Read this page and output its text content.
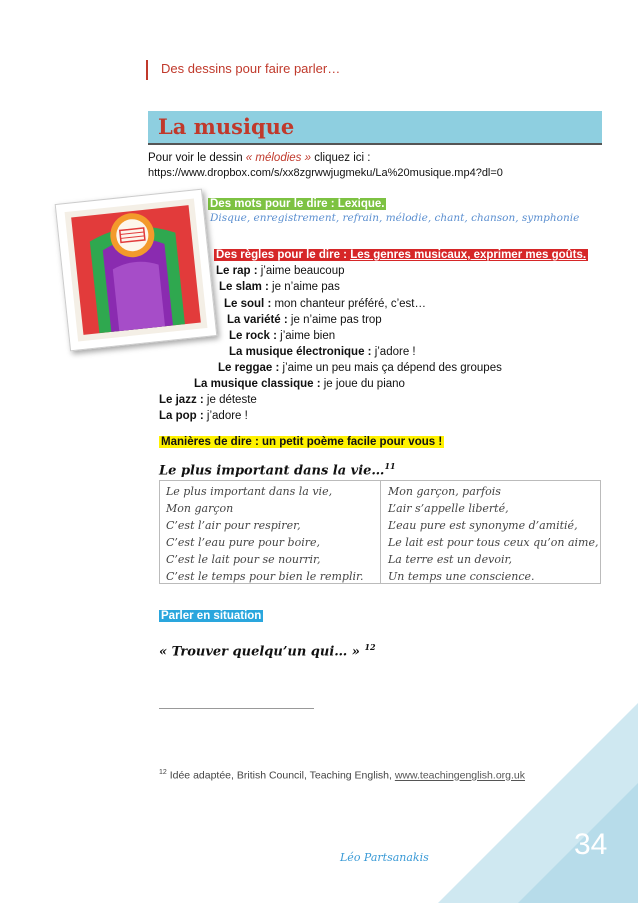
Des dessins pour faire parler…
La musique
Pour voir le dessin « mélodies » cliquez ici :
https://www.dropbox.com/s/xx8zgrwwjugmeku/La%20musique.mp4?dl=0
Des mots pour le dire : Lexique.
Disque, enregistrement, refrain, mélodie, chant, chanson, symphonie
Des règles pour le dire : Les genres musicaux, exprimer mes goûts.
Le rap : j’aime beaucoup
Le slam : je n’aime pas
Le soul : mon chanteur préféré, c’est…
La variété : je n’aime pas trop
Le rock : j’aime bien
La musique électronique : j’adore !
Le reggae : j’aime un peu mais ça dépend des groupes
La musique classique : je joue du piano
Le jazz : je déteste
La pop : j’adore !
Manières de dire : un petit poème facile pour vous !
Le plus important dans la vie…$^{11}$
Le plus important dans la vie,
Mon garçon
C’est l’air pour respirer,
C’est l’eau pure pour boire,
C’est le lait pour se nourrir,
C’est le temps pour bien le remplir.
Mon garçon, parfois
L’air s’appelle liberté,
L’eau pure est synonyme d’amitié,
Le lait est pour tous ceux qu’on aime,
La terre est un devoir,
Un temps une conscience.
Parler en situation
« Trouver quelqu’un qui… » $^{12}$
$^{12}$ Idée adaptée, British Council, Teaching English, www.teachingenglish.org.uk
34
Léo Partsanakis
